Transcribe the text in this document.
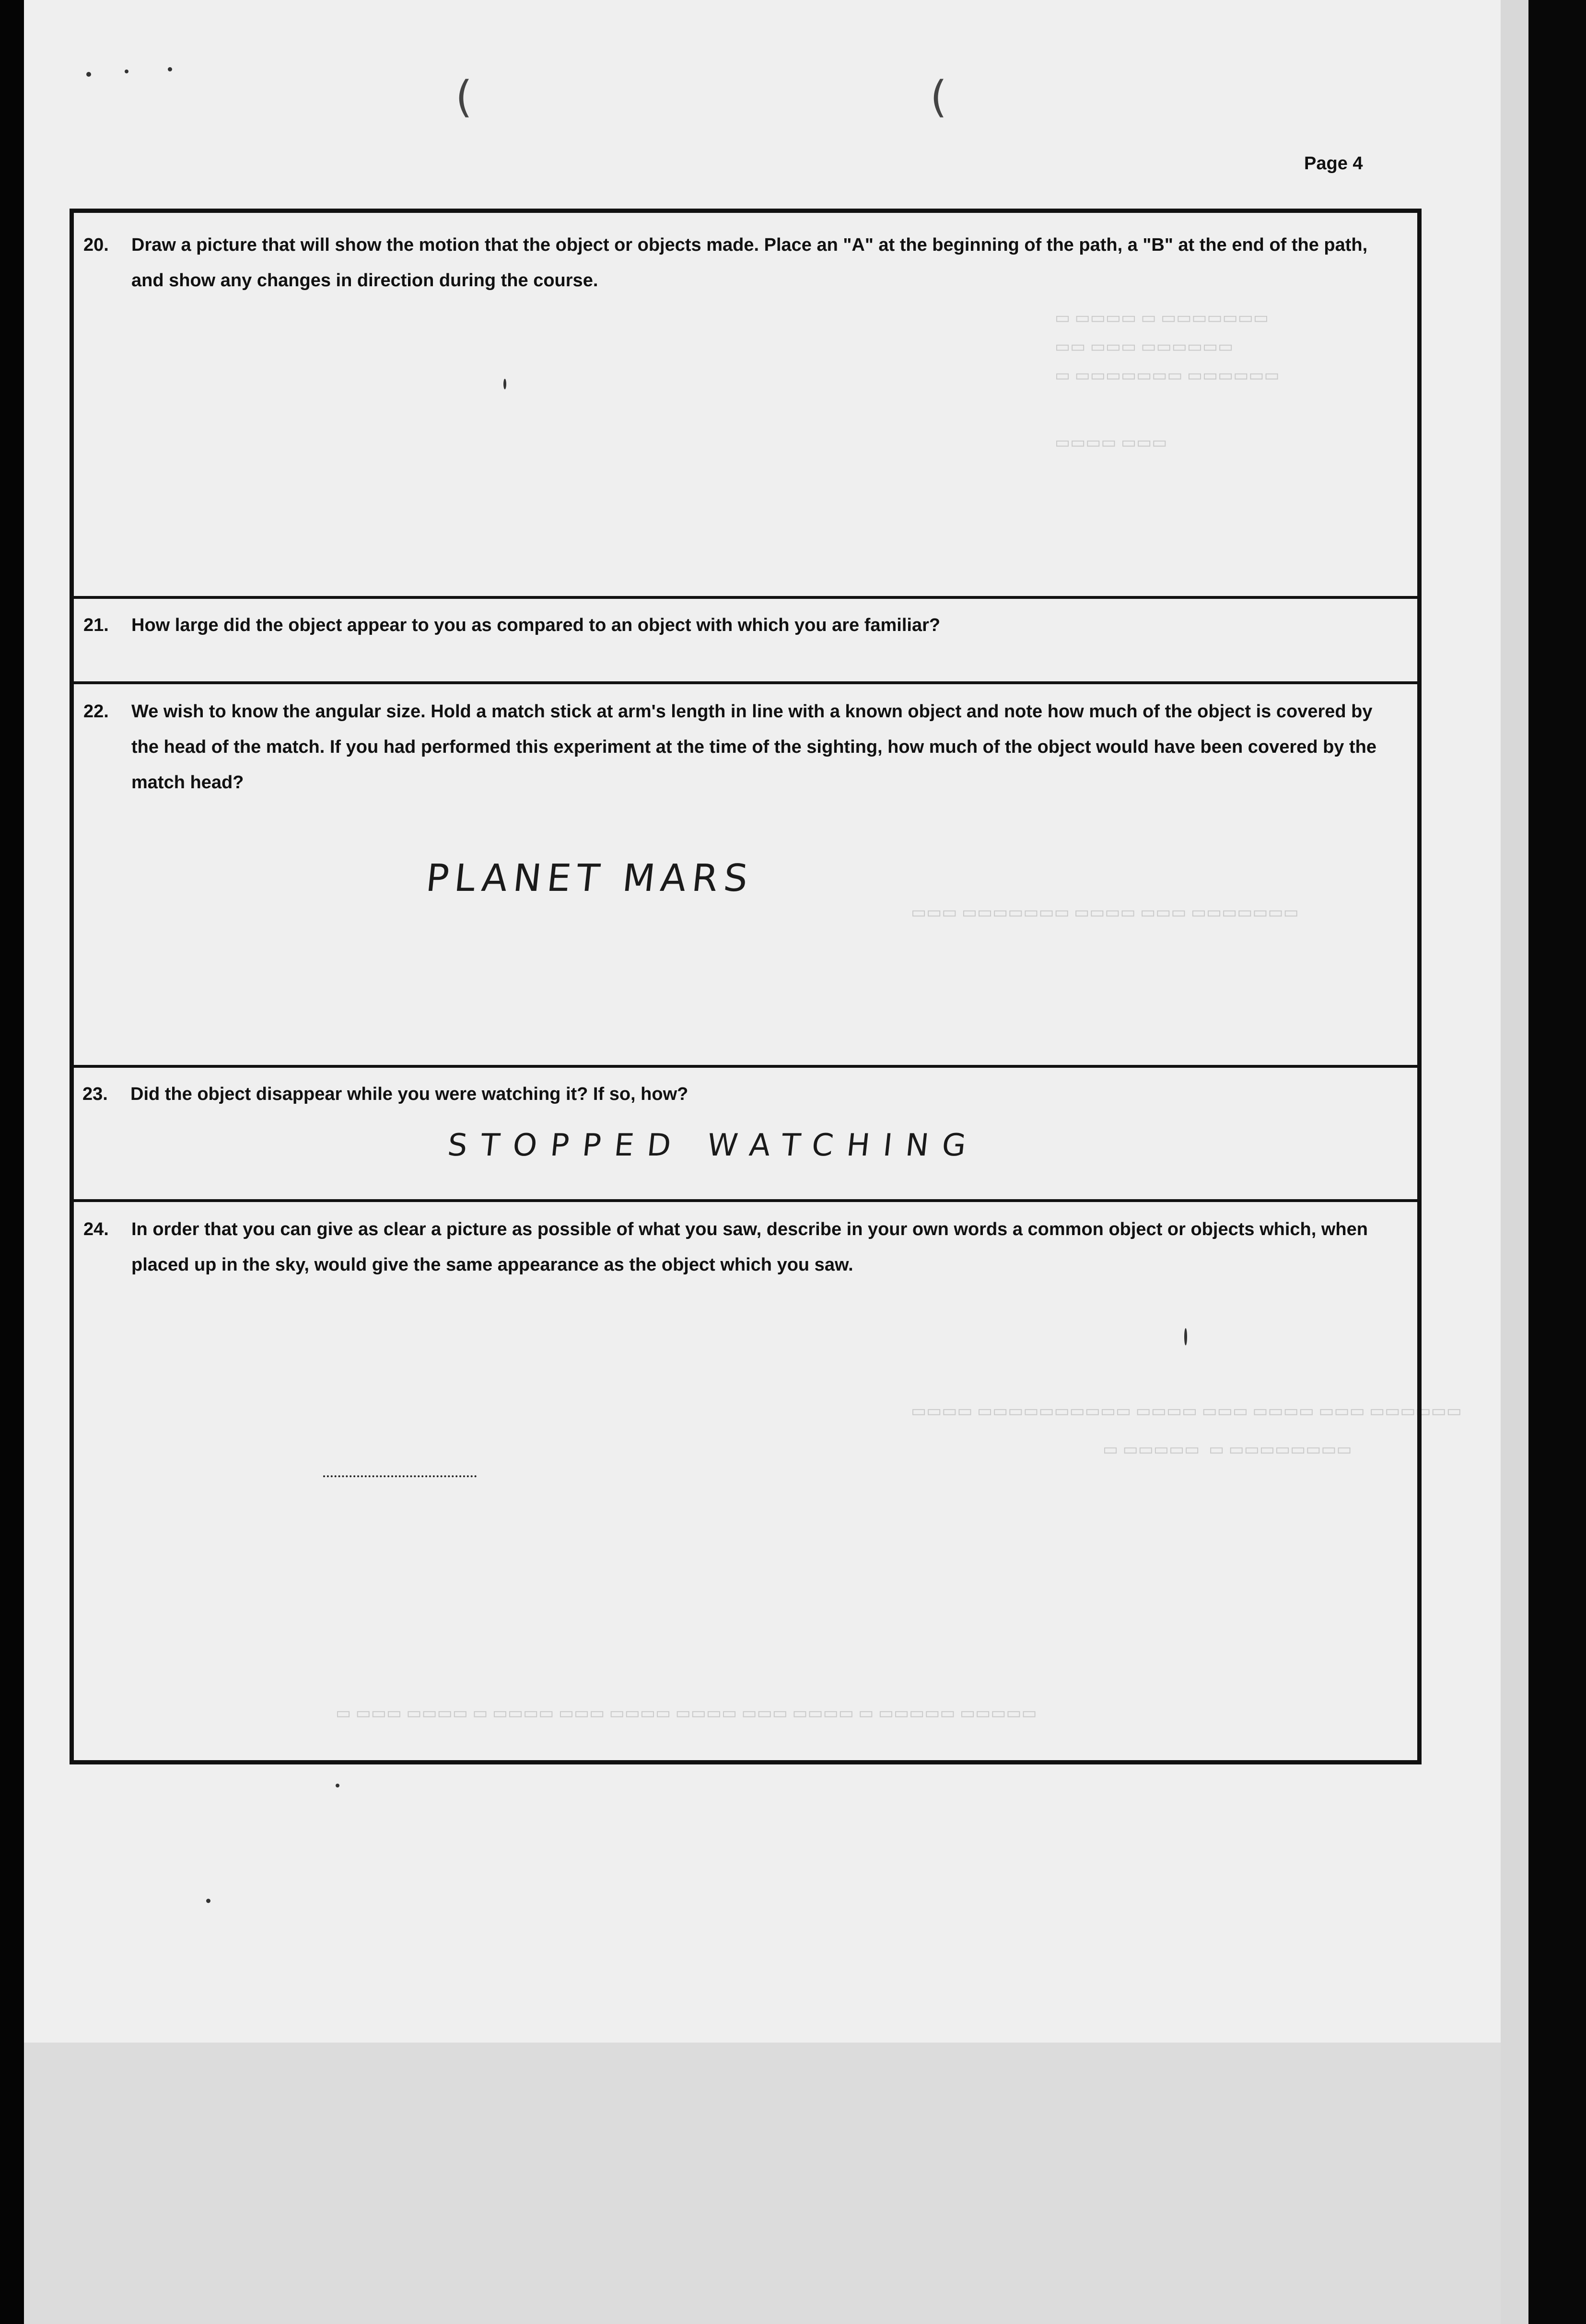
▭ ▭▭▭▭ ▭ ▭▭▭▭▭▭▭
▭▭ ▭▭▭ ▭▭▭▭▭▭
▭ ▭▭▭▭▭▭▭ ▭▭▭▭▭▭
▭▭▭▭ ▭▭▭
▭▭▭ ▭▭▭▭▭▭▭ ▭▭▭▭ ▭▭▭ ▭▭▭▭▭▭▭
▭▭▭▭ ▭▭▭▭▭▭▭▭▭▭ ▭▭▭▭ ▭▭▭ ▭▭▭▭ ▭▭▭ ▭▭▭▭▭▭
▭ ▭▭▭▭▭  ▭ ▭▭▭▭▭▭▭▭
▭ ▭▭▭ ▭▭▭▭ ▭ ▭▭▭▭ ▭▭▭ ▭▭▭▭ ▭▭▭▭ ▭▭▭ ▭▭▭▭ ▭ ▭▭▭▭▭ ▭▭▭▭▭
(	(
Page 4
20. Draw a picture that will show the motion that the object or objects made. Place an "A" at the beginning of the path, a "B" at the end of the path, and show any changes in direction during the course.
21. How large did the object appear to you as compared to an object with which you are familiar?
22. We wish to know the angular size. Hold a match stick at arm's length in line with a known object and note how much of the object is covered by the head of the match. If you had performed this experiment at the time of the sighting, how much of the object would have been covered by the match head?
PLANET MARS
23. Did the object disappear while you were watching it? If so, how?
STOPPED WATCHING
24. In order that you can give as clear a picture as possible of what you saw, describe in your own words a common object or objects which, when placed up in the sky, would give the same appearance as the object which you saw.
